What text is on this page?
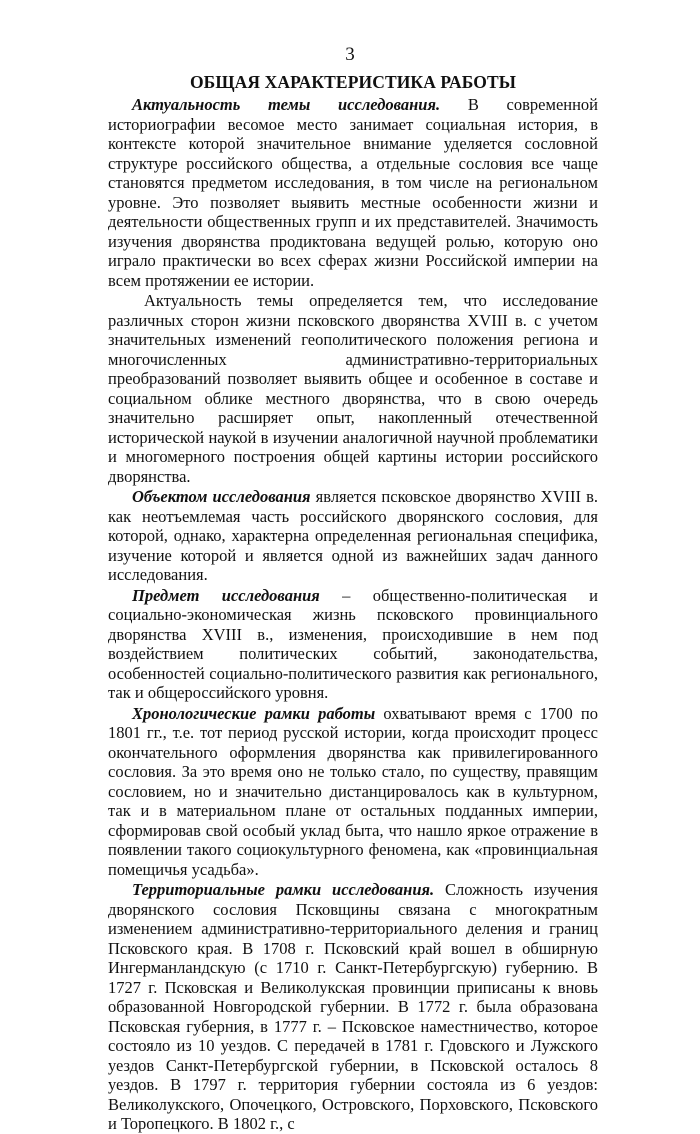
3
ОБЩАЯ ХАРАКТЕРИСТИКА РАБОТЫ

Актуальность темы исследования. В современной историографии весомое место занимает социальная история, в контексте которой значительное внимание уделяется сословной структуре российского общества, а отдельные сословия все чаще становятся предметом исследования, в том числе на региональном уровне. Это позволяет выявить местные особенности жизни и деятельности общественных групп и их представителей. Значимость изучения дворянства продиктована ведущей ролью, которую оно играло практически во всех сферах жизни Российской империи на всем протяжении ее истории.

Актуальность темы определяется тем, что исследование различных сторон жизни псковского дворянства XVIII в. с учетом значительных изменений геополитического положения региона и многочисленных административно-территориальных преобразований позволяет выявить общее и особенное в составе и социальном облике местного дворянства, что в свою очередь значительно расширяет опыт, накопленный отечественной исторической наукой в изучении аналогичной научной проблематики и многомерного построения общей картины истории российского дворянства.

Объектом исследования является псковское дворянство XVIII в. как неотъемлемая часть российского дворянского сословия, для которой, однако, характерна определенная региональная специфика, изучение которой и является одной из важнейших задач данного исследования.

Предмет исследования – общественно-политическая и социально-экономическая жизнь псковского провинциального дворянства XVIII в., изменения, происходившие в нем под воздействием политических событий, законодательства, особенностей социально-политического развития как регионального, так и общероссийского уровня.

Хронологические рамки работы охватывают время с 1700 по 1801 гг., т.е. тот период русской истории, когда происходит процесс окончательного оформления дворянства как привилегированного сословия. За это время оно не только стало, по существу, правящим сословием, но и значительно дистанцировалось как в культурном, так и в материальном плане от остальных подданных империи, сформировав свой особый уклад быта, что нашло яркое отражение в появлении такого социокультурного феномена, как «провинциальная помещичья усадьба».

Территориальные рамки исследования. Сложность изучения дворянского сословия Псковщины связана с многократным изменением административно-территориального деления и границ Псковского края. В 1708 г. Псковский край вошел в обширную Ингерманландскую (с 1710 г. Санкт-Петербургскую) губернию. В 1727 г. Псковская и Великолукская провинции приписаны к вновь образованной Новгородской губернии. В 1772 г. была образована Псковская губерния, в 1777 г. – Псковское наместничество, которое состояло из 10 уездов. С передачей в 1781 г. Гдовского и Лужского уездов Санкт-Петербургской губернии, в Псковской осталось 8 уездов. В 1797 г. территория губернии состояла из 6 уездов: Великолукского, Опочецкого, Островского, Порховского, Псковского и Торопецкого. В 1802 г., с
